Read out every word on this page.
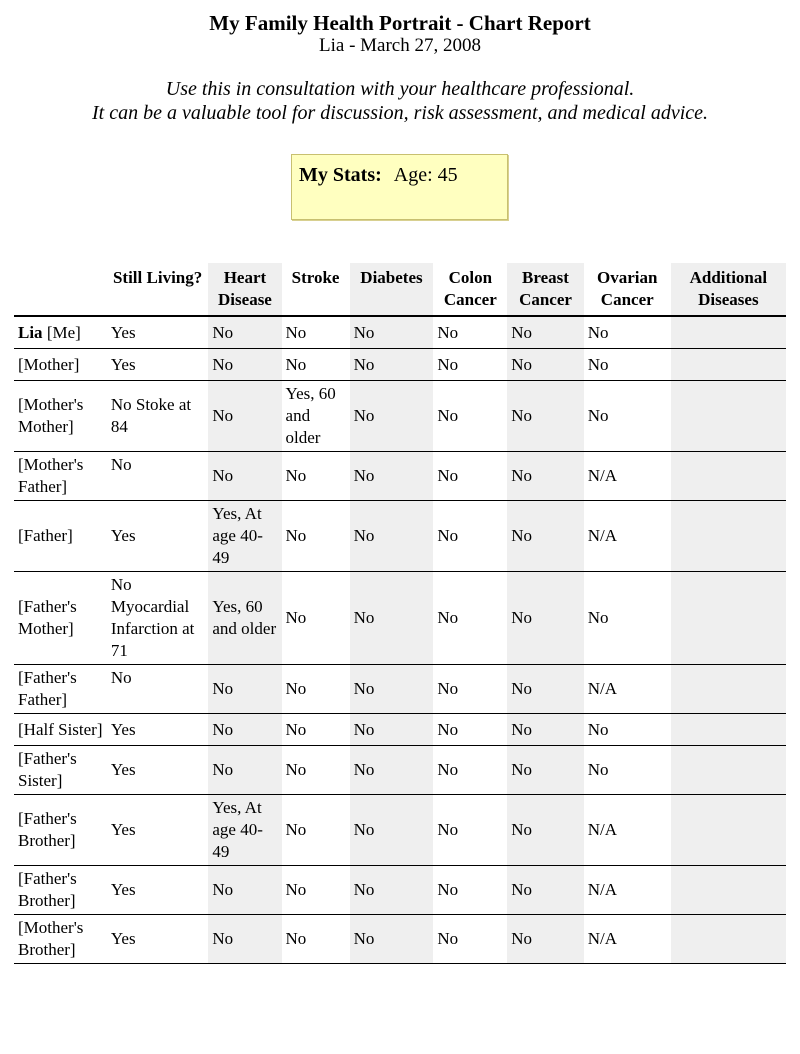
My Family Health Portrait - Chart Report
Lia - March 27, 2008
Use this in consultation with your healthcare professional.
It can be a valuable tool for discussion, risk assessment, and medical advice.
My Stats: Age: 45
	Still Living?	Heart Disease	Stroke	Diabetes	Colon Cancer	Breast Cancer	Ovarian Cancer	Additional Diseases
Lia [Me]	Yes	No	No	No	No	No	No	
[Mother]	Yes	No	No	No	No	No	No	
[Mother's Mother]	No Stoke at 84	No	Yes, 60 and older	No	No	No	No	
[Mother's Father]	No	No	No	No	No	No	N/A	
[Father]	Yes	Yes, At age 40-49	No	No	No	No	N/A	
[Father's Mother]	No Myocardial Infarction at 71	Yes, 60 and older	No	No	No	No	No	
[Father's Father]	No	No	No	No	No	No	N/A	
[Half Sister]	Yes	No	No	No	No	No	No	
[Father's Sister]	Yes	No	No	No	No	No	No	
[Father's Brother]	Yes	Yes, At age 40-49	No	No	No	No	N/A	
[Father's Brother]	Yes	No	No	No	No	No	N/A	
[Mother's Brother]	Yes	No	No	No	No	No	N/A	
